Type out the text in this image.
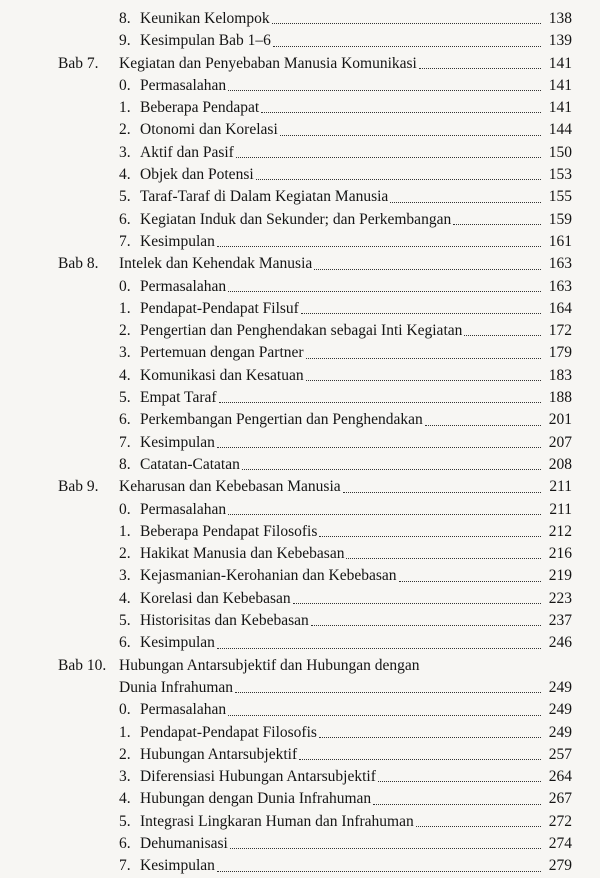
8. Keunikan Kelompok	138
9. Kesimpulan Bab 1–6	139
Bab 7. Kegiatan dan Penyebaban Manusia Komunikasi	141
0. Permasalahan	141
1. Beberapa Pendapat	141
2. Otonomi dan Korelasi	144
3. Aktif dan Pasif	150
4. Objek dan Potensi	153
5. Taraf-Taraf di Dalam Kegiatan Manusia	155
6. Kegiatan Induk dan Sekunder; dan Perkembangan	159
7. Kesimpulan	161
Bab 8. Intelek dan Kehendak Manusia	163
0. Permasalahan	163
1. Pendapat-Pendapat Filsuf	164
2. Pengertian dan Penghendakan sebagai Inti Kegiatan	172
3. Pertemuan dengan Partner	179
4. Komunikasi dan Kesatuan	183
5. Empat Taraf	188
6. Perkembangan Pengertian dan Penghendakan	201
7. Kesimpulan	207
8. Catatan-Catatan	208
Bab 9. Keharusan dan Kebebasan Manusia	211
0. Permasalahan	211
1. Beberapa Pendapat Filosofis	212
2. Hakikat Manusia dan Kebebasan	216
3. Kejasmanian-Kerohanian dan Kebebasan	219
4. Korelasi dan Kebebasan	223
5. Historisitas dan Kebebasan	237
6. Kesimpulan	246
Bab 10. Hubungan Antarsubjektif dan Hubungan dengan
Dunia Infrahuman	249
0. Permasalahan	249
1. Pendapat-Pendapat Filosofis	249
2. Hubungan Antarsubjektif	257
3. Diferensiasi Hubungan Antarsubjektif	264
4. Hubungan dengan Dunia Infrahuman	267
5. Integrasi Lingkaran Human dan Infrahuman	272
6. Dehumanisasi	274
7. Kesimpulan	279
